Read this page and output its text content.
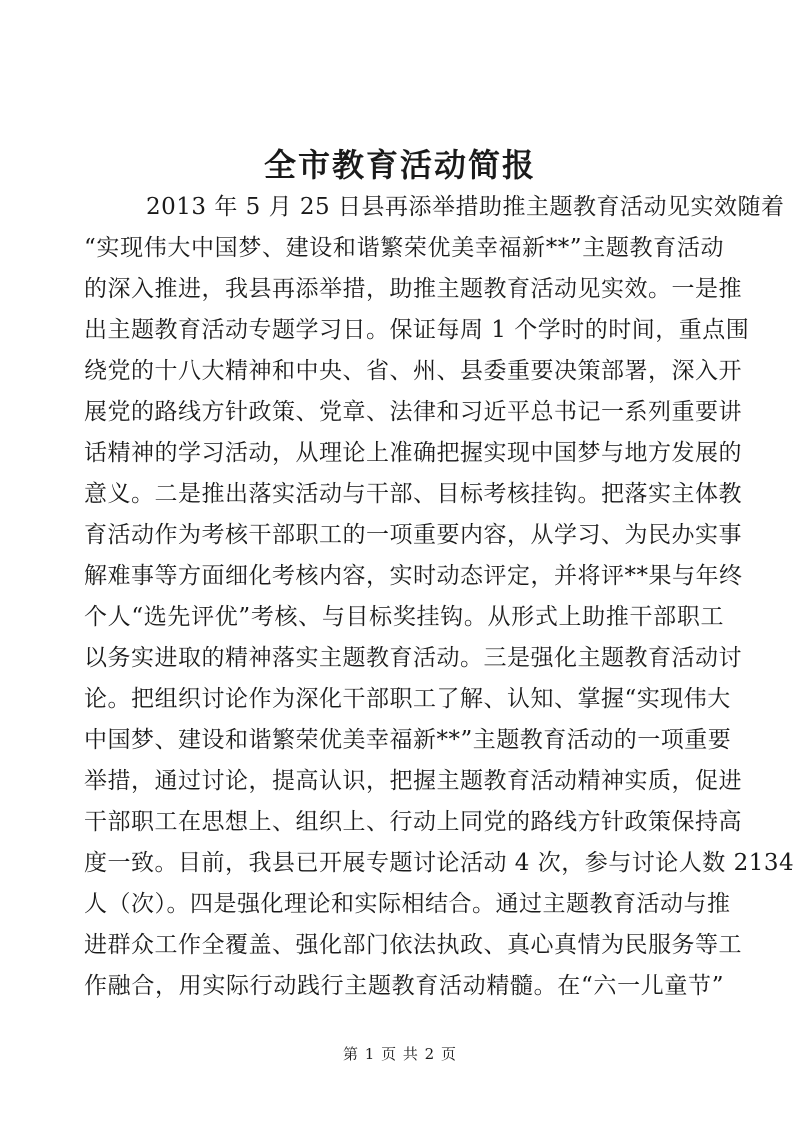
全市教育活动简报
2013 年 5 月 25 日县再添举措助推主题教育活动见实效随着
“实现伟大中国梦、建设和谐繁荣优美幸福新**”主题教育活动
的深入推进，我县再添举措，助推主题教育活动见实效。一是推
出主题教育活动专题学习日。保证每周 1 个学时的时间，重点围
绕党的十八大精神和中央、省、州、县委重要决策部署，深入开
展党的路线方针政策、党章、法律和习近平总书记一系列重要讲
话精神的学习活动，从理论上准确把握实现中国梦与地方发展的
意义。二是推出落实活动与干部、目标考核挂钩。把落实主体教
育活动作为考核干部职工的一项重要内容，从学习、为民办实事
解难事等方面细化考核内容，实时动态评定，并将评**果与年终
个人“选先评优”考核、与目标奖挂钩。从形式上助推干部职工
以务实进取的精神落实主题教育活动。三是强化主题教育活动讨
论。把组织讨论作为深化干部职工了解、认知、掌握“实现伟大
中国梦、建设和谐繁荣优美幸福新**”主题教育活动的一项重要
举措，通过讨论，提高认识，把握主题教育活动精神实质，促进
干部职工在思想上、组织上、行动上同党的路线方针政策保持高
度一致。目前，我县已开展专题讨论活动 4 次，参与讨论人数 2134
人（次）。四是强化理论和实际相结合。通过主题教育活动与推
进群众工作全覆盖、强化部门依法执政、真心真情为民服务等工
作融合，用实际行动践行主题教育活动精髓。在“六一儿童节”
第 1 页 共 2 页
